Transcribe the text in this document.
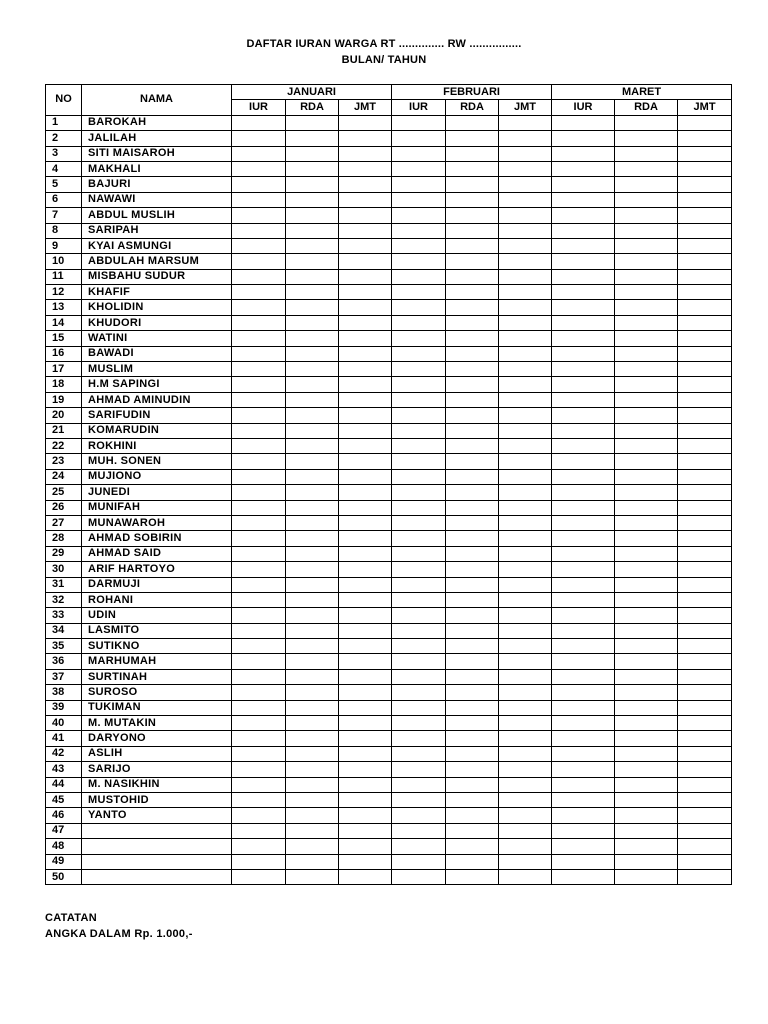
DAFTAR IURAN WARGA RT .............. RW ................
BULAN/ TAHUN
NO	NAMA	JANUARI			FEBRUARI			MARET		
		IUR	RDA	JMT	IUR	RDA	JMT	IUR	RDA	JMT
1	BAROKAH									
2	JALILAH									
3	SITI MAISAROH									
4	MAKHALI									
5	BAJURI									
6	NAWAWI									
7	ABDUL MUSLIH									
8	SARIPAH									
9	KYAI ASMUNGI									
10	ABDULAH MARSUM									
11	MISBAHU SUDUR									
12	KHAFIF									
13	KHOLIDIN									
14	KHUDORI									
15	WATINI									
16	BAWADI									
17	MUSLIM									
18	H.M SAPINGI									
19	AHMAD AMINUDIN									
20	SARIFUDIN									
21	KOMARUDIN									
22	ROKHINI									
23	MUH. SONEN									
24	MUJIONO									
25	JUNEDI									
26	MUNIFAH									
27	MUNAWAROH									
28	AHMAD SOBIRIN									
29	AHMAD SAID									
30	ARIF HARTOYO									
31	DARMUJI									
32	ROHANI									
33	UDIN									
34	LASMITO									
35	SUTIKNO									
36	MARHUMAH									
37	SURTINAH									
38	SUROSO									
39	TUKIMAN									
40	M. MUTAKIN									
41	DARYONO									
42	ASLIH									
43	SARIJO									
44	M. NASIKHIN									
45	MUSTOHID									
46	YANTO									
47										
48										
49										
50										
CATATAN
ANGKA DALAM Rp. 1.000,-
